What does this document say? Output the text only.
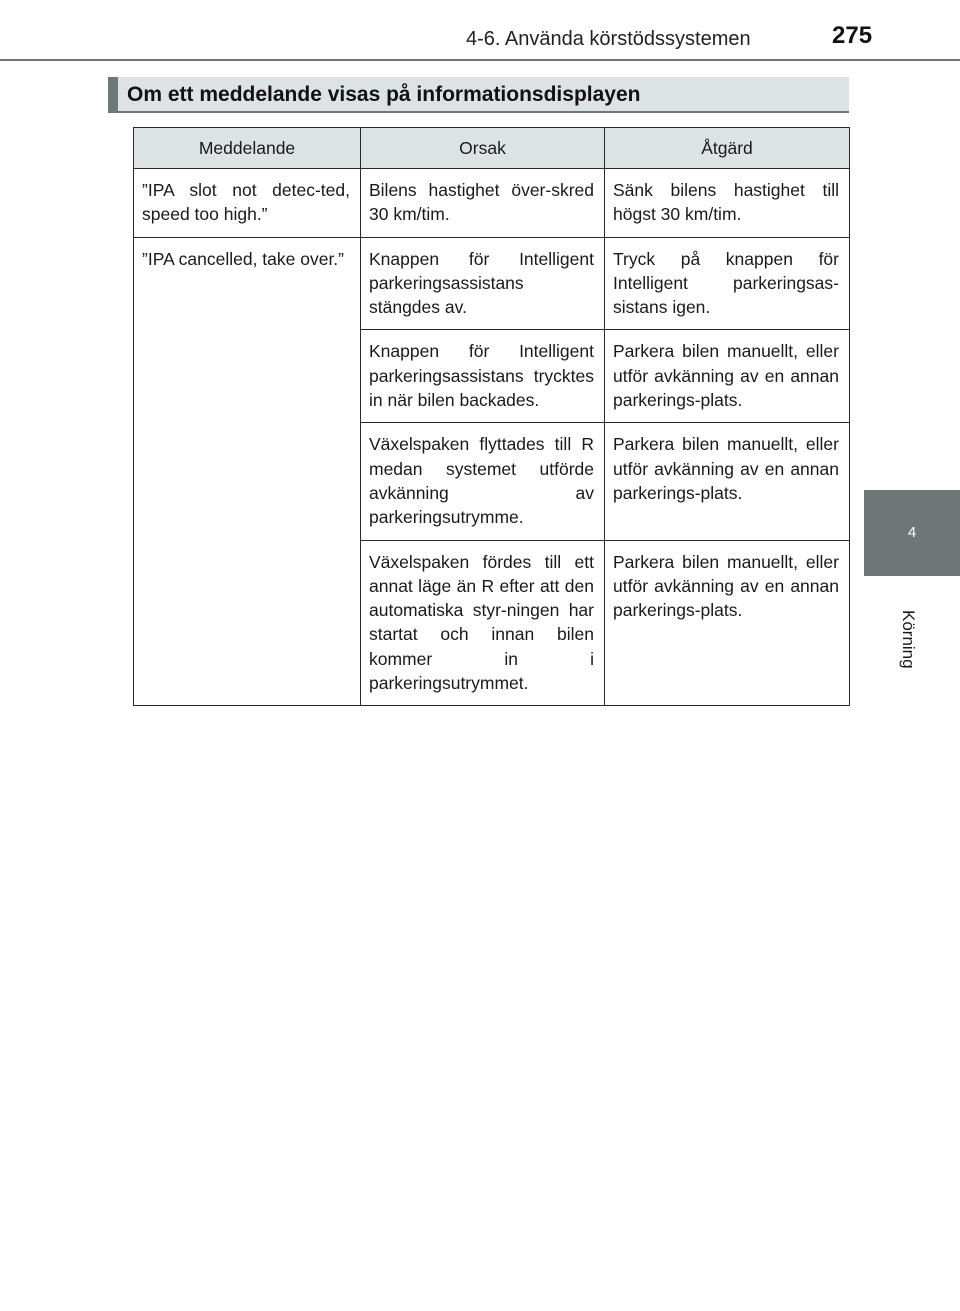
4-6. Använda körstödssystemen	275
4
Körning
Om ett meddelande visas på informationsdisplayen
Meddelande	Orsak	Åtgärd
”IPA slot not detec-ted, speed too high.”	Bilens hastighet över-skred 30 km/tim.	Sänk bilens hastighet till högst 30 km/tim.
”IPA cancelled, take over.”	Knappen för Intelligent parkeringsassistans stängdes av.	Tryck på knappen för Intelligent parkeringsas-sistans igen.
	Knappen för Intelligent parkeringsassistans trycktes in när bilen backades.	Parkera bilen manuellt, eller utför avkänning av en annan parkerings-plats.
	Växelspaken flyttades till R medan systemet utförde avkänning av parkeringsutrymme.	Parkera bilen manuellt, eller utför avkänning av en annan parkerings-plats.
	Växelspaken fördes till ett annat läge än R efter att den automatiska styr-ningen har startat och innan bilen kommer in i parkeringsutrymmet.	Parkera bilen manuellt, eller utför avkänning av en annan parkerings-plats.
